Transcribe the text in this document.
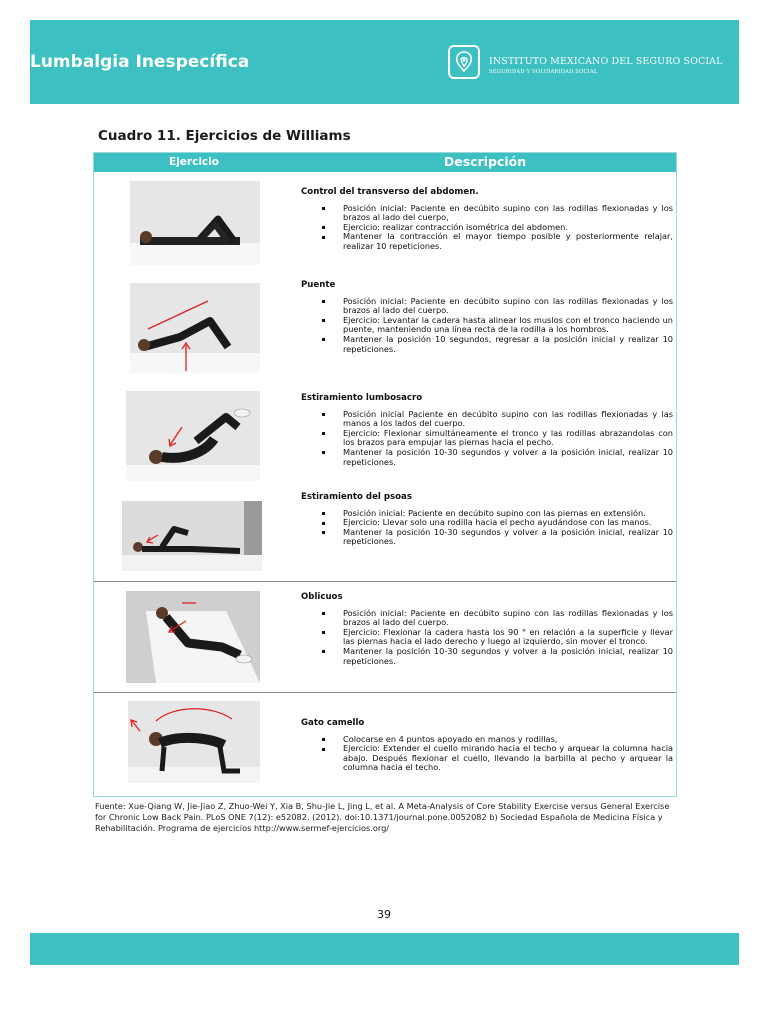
Lumbalgia Inespecífica	INSTITUTO MEXICANO DEL SEGURO SOCIAL
SEGURIDAD Y SOLIDARIDAD SOCIAL
Cuadro 11. Ejercicios de Williams
Ejercicio	Descripción
Control del transverso del abdomen.
Posición inicial: Paciente en decúbito supino con las rodillas flexionadas y los brazos al lado del cuerpo,
Ejercicio: realizar contracción isométrica del abdomen.
Mantener la contracción el mayor tiempo posible y posteriormente relajar, realizar 10 repeticiones.
Puente
Posición inicial: Paciente en decúbito supino con las rodillas flexionadas y los brazos al lado del cuerpo.
Ejercicio: Levantar la cadera hasta alinear los muslos con el tronco haciendo un puente, manteniendo una línea recta de la rodilla a los hombros.
Mantener la posición 10 segundos, regresar a la posición inicial y realizar 10 repeticiones.
Estiramiento lumbosacro
Posición inicial Paciente en decúbito supino con las rodillas flexionadas y las manos a los lados del cuerpo.
Ejercicio: Flexionar simultáneamente el tronco y las rodillas abrazandolas con los brazos para empujar las piernas hacia el pecho.
Mantener la posición 10-30 segundos y volver a la posición inicial, realizar 10 repeticiones.
Estiramiento del psoas
Posición inicial: Paciente en decúbito supino con las piernas en extensión.
Ejercicio: Llevar solo una rodilla hacia el pecho ayudándose con las manos.
Mantener la posición 10-30 segundos y volver a la posición inicial, realizar 10 repeticiones.
Oblicuos
Posición inicial: Paciente en decúbito supino con las rodillas flexionadas y los brazos al lado del cuerpo.
Ejercicio: Flexionar la cadera hasta los 90 ° en relación a la superficie y llevar las piernas hacia el lado derecho y luego al izquierdo, sin mover el tronco.
Mantener la posición 10-30 segundos y volver a la posición inicial, realizar 10 repeticiones.
Gato camello
Colocarse en 4 puntos apoyado en manos y rodillas,
Ejercicio: Extender el cuello mirando hacia el techo y arquear la columna hacia abajo. Después flexionar el cuello, llevando la barbilla al pecho y arquear la columna hacia el techo.
Fuente: Xue-Qiang W, Jie-Jiao Z, Zhuo-Wei Y, Xia B, Shu-Jie L, Jing L, et al. A Meta-Analysis of Core Stability Exercise versus General Exercise for Chronic Low Back Pain. PLoS ONE 7(12): e52082. (2012). doi:10.1371/journal.pone.0052082 b) Sociedad Española de Medicina Física y Rehabilitación. Programa de ejercicios http://www.sermef-ejercicios.org/
39
